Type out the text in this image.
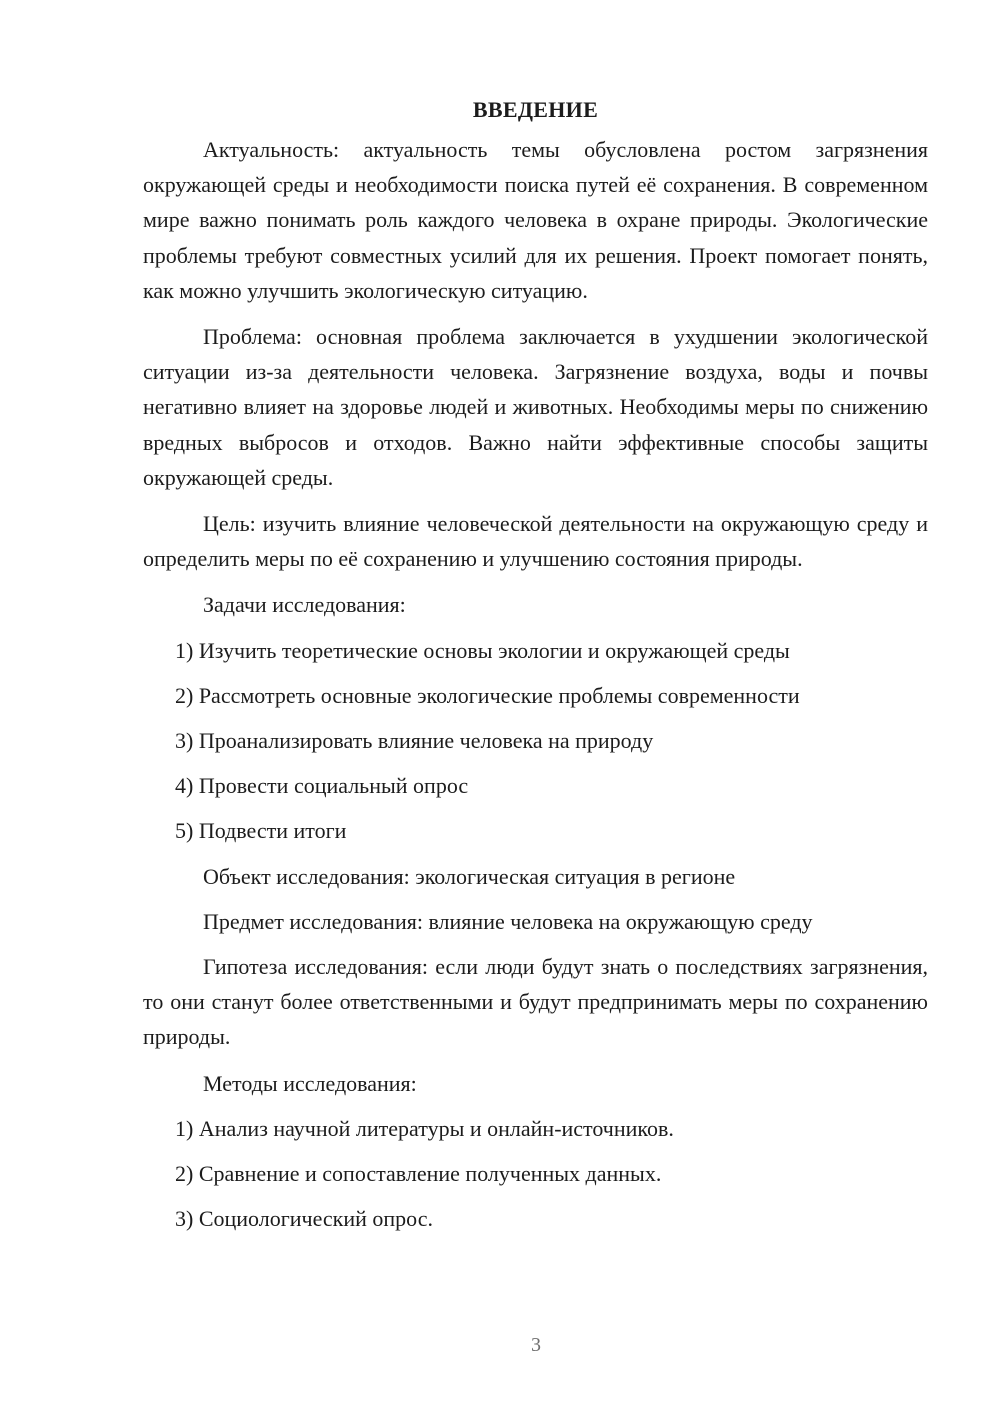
ВВЕДЕНИЕ

Актуальность: актуальность темы обусловлена ростом загрязнения окружающей среды и необходимости поиска путей её сохранения. В современном мире важно понимать роль каждого человека в охране природы. Экологические проблемы требуют совместных усилий для их решения. Проект помогает понять, как можно улучшить экологическую ситуацию.

Проблема: основная проблема заключается в ухудшении экологической ситуации из-за деятельности человека. Загрязнение воздуха, воды и почвы негативно влияет на здоровье людей и животных. Необходимы меры по снижению вредных выбросов и отходов. Важно найти эффективные способы защиты окружающей среды.

Цель: изучить влияние человеческой деятельности на окружающую среду и определить меры по её сохранению и улучшению состояния природы.

Задачи исследования:

1) Изучить теоретические основы экологии и окружающей среды
2) Рассмотреть основные экологические проблемы современности
3) Проанализировать влияние человека на природу
4) Провести социальный опрос
5) Подвести итоги

Объект исследования: экологическая ситуация в регионе

Предмет исследования: влияние человека на окружающую среду

Гипотеза исследования: если люди будут знать о последствиях загрязнения, то они станут более ответственными и будут предпринимать меры по сохранению природы.

Методы исследования:

1) Анализ научной литературы и онлайн-источников.
2) Сравнение и сопоставление полученных данных.
3) Социологический опрос.
3
